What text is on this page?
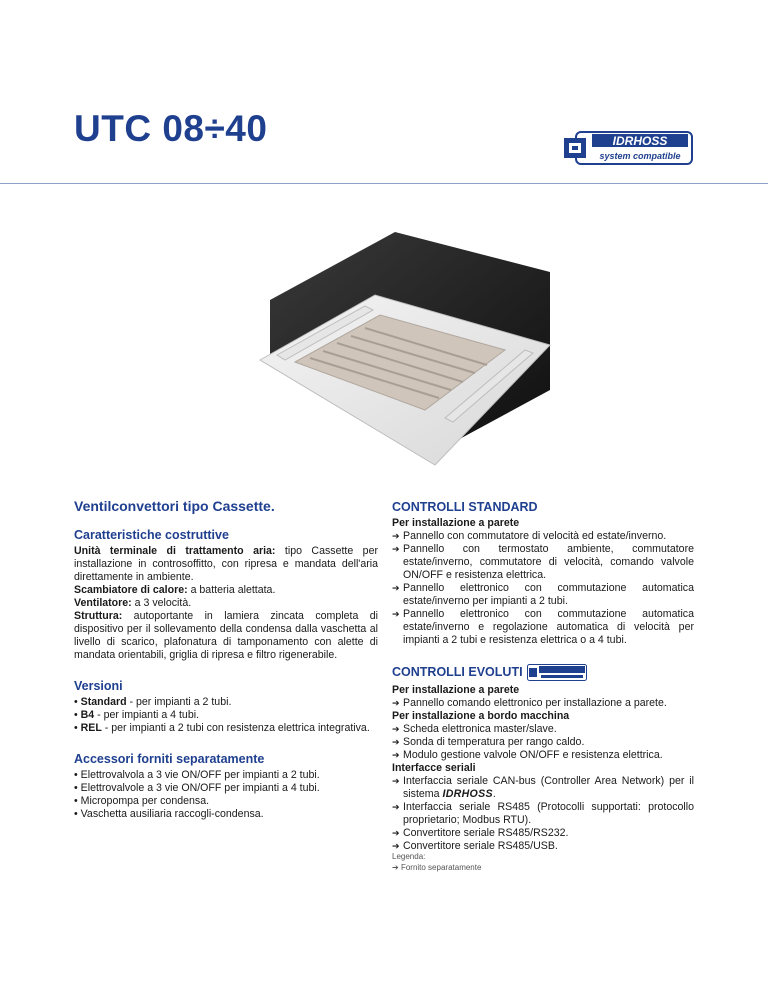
UTC 08÷40	IDRHOSS
system compatible
Ventilconvettori tipo Cassette.
Caratteristiche costruttive

Unità terminale di trattamento aria: tipo Cassette per installazione in controsoffitto, con ripresa e mandata dell'aria direttamente in ambiente.

Scambiatore di calore: a batteria alettata.

Ventilatore: a 3 velocità.

Struttura: autoportante in lamiera zincata completa di dispositivo per il sollevamento della condensa dalla vaschetta al livello di scarico, plafonatura di tamponamento con alette di mandata orientabili, griglia di ripresa e filtro rigenerabile.

Versioni
• Standard - per impianti a 2 tubi.
• B4 - per impianti a 4 tubi.
• REL - per impianti a 2 tubi con resistenza elettrica integrativa.
Accessori forniti separatamente
• Elettrovalvola a 3 vie ON/OFF per impianti a 2 tubi.
• Elettrovalvole a 3 vie ON/OFF per impianti a 4 tubi.
• Micropompa per condensa.
• Vaschetta ausiliaria raccogli-condensa.
CONTROLLI STANDARD

Per installazione a parete

➔ Pannello con commutatore di velocità ed estate/inverno.
➔ Pannello con termostato ambiente, commutatore estate/inverno, commutatore di velocità, comando valvole ON/OFF e resistenza elettrica.
➔ Pannello elettronico con commutazione automatica estate/inverno per impianti a 2 tubi.
➔ Pannello elettronico con commutazione automatica estate/inverno e regolazione automatica di velocità per impianti a 2 tubi e resistenza elettrica o a 4 tubi.
CONTROLLI EVOLUTI

Per installazione a parete

➔ Pannello comando elettronico per installazione a parete.

Per installazione a bordo macchina

➔ Scheda elettronica master/slave.
➔ Sonda di temperatura per rango caldo.
➔ Modulo gestione valvole ON/OFF e resistenza elettrica.

Interfacce seriali

➔ Interfaccia seriale CAN-bus (Controller Area Network) per il sistema IDRHOSS.
➔ Interfaccia seriale RS485 (Protocolli supportati: protocollo proprietario; Modbus RTU).
➔ Convertitore seriale RS485/RS232.
➔ Convertitore seriale RS485/USB.
Legenda:
➔ Fornito separatamente
